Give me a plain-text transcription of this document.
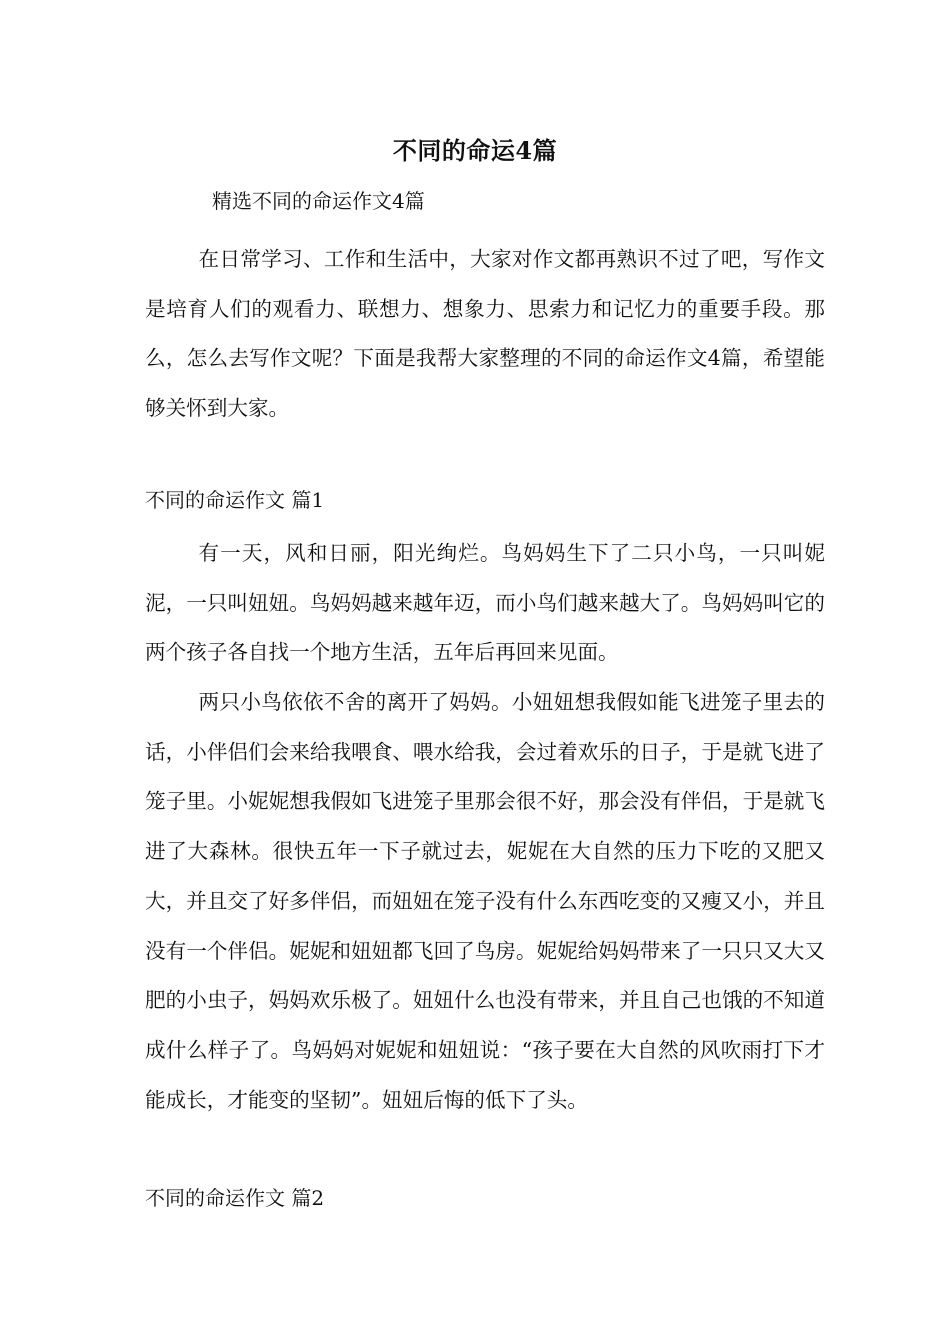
不同的命运4篇

精选不同的命运作文4篇

在日常学习、工作和生活中，大家对作文都再熟识不过了吧，写作文是培育人们的观看力、联想力、想象力、思索力和记忆力的重要手段。那么，怎么去写作文呢？下面是我帮大家整理的不同的命运作文4篇，希望能够关怀到大家。

不同的命运作文 篇1

有一天，风和日丽，阳光绚烂。鸟妈妈生下了二只小鸟，一只叫妮泥，一只叫妞妞。鸟妈妈越来越年迈，而小鸟们越来越大了。鸟妈妈叫它的两个孩子各自找一个地方生活，五年后再回来见面。

两只小鸟依依不舍的离开了妈妈。小妞妞想我假如能飞进笼子里去的话，小伴侣们会来给我喂食、喂水给我，会过着欢乐的日子，于是就飞进了笼子里。小妮妮想我假如飞进笼子里那会很不好，那会没有伴侣，于是就飞进了大森林。很快五年一下子就过去，妮妮在大自然的压力下吃的又肥又大，并且交了好多伴侣，而妞妞在笼子没有什么东西吃变的又瘦又小，并且没有一个伴侣。妮妮和妞妞都飞回了鸟房。妮妮给妈妈带来了一只只又大又肥的小虫子，妈妈欢乐极了。妞妞什么也没有带来，并且自己也饿的不知道成什么样子了。鸟妈妈对妮妮和妞妞说：“孩子要在大自然的风吹雨打下才能成长，才能变的坚韧”。妞妞后悔的低下了头。

不同的命运作文 篇2
